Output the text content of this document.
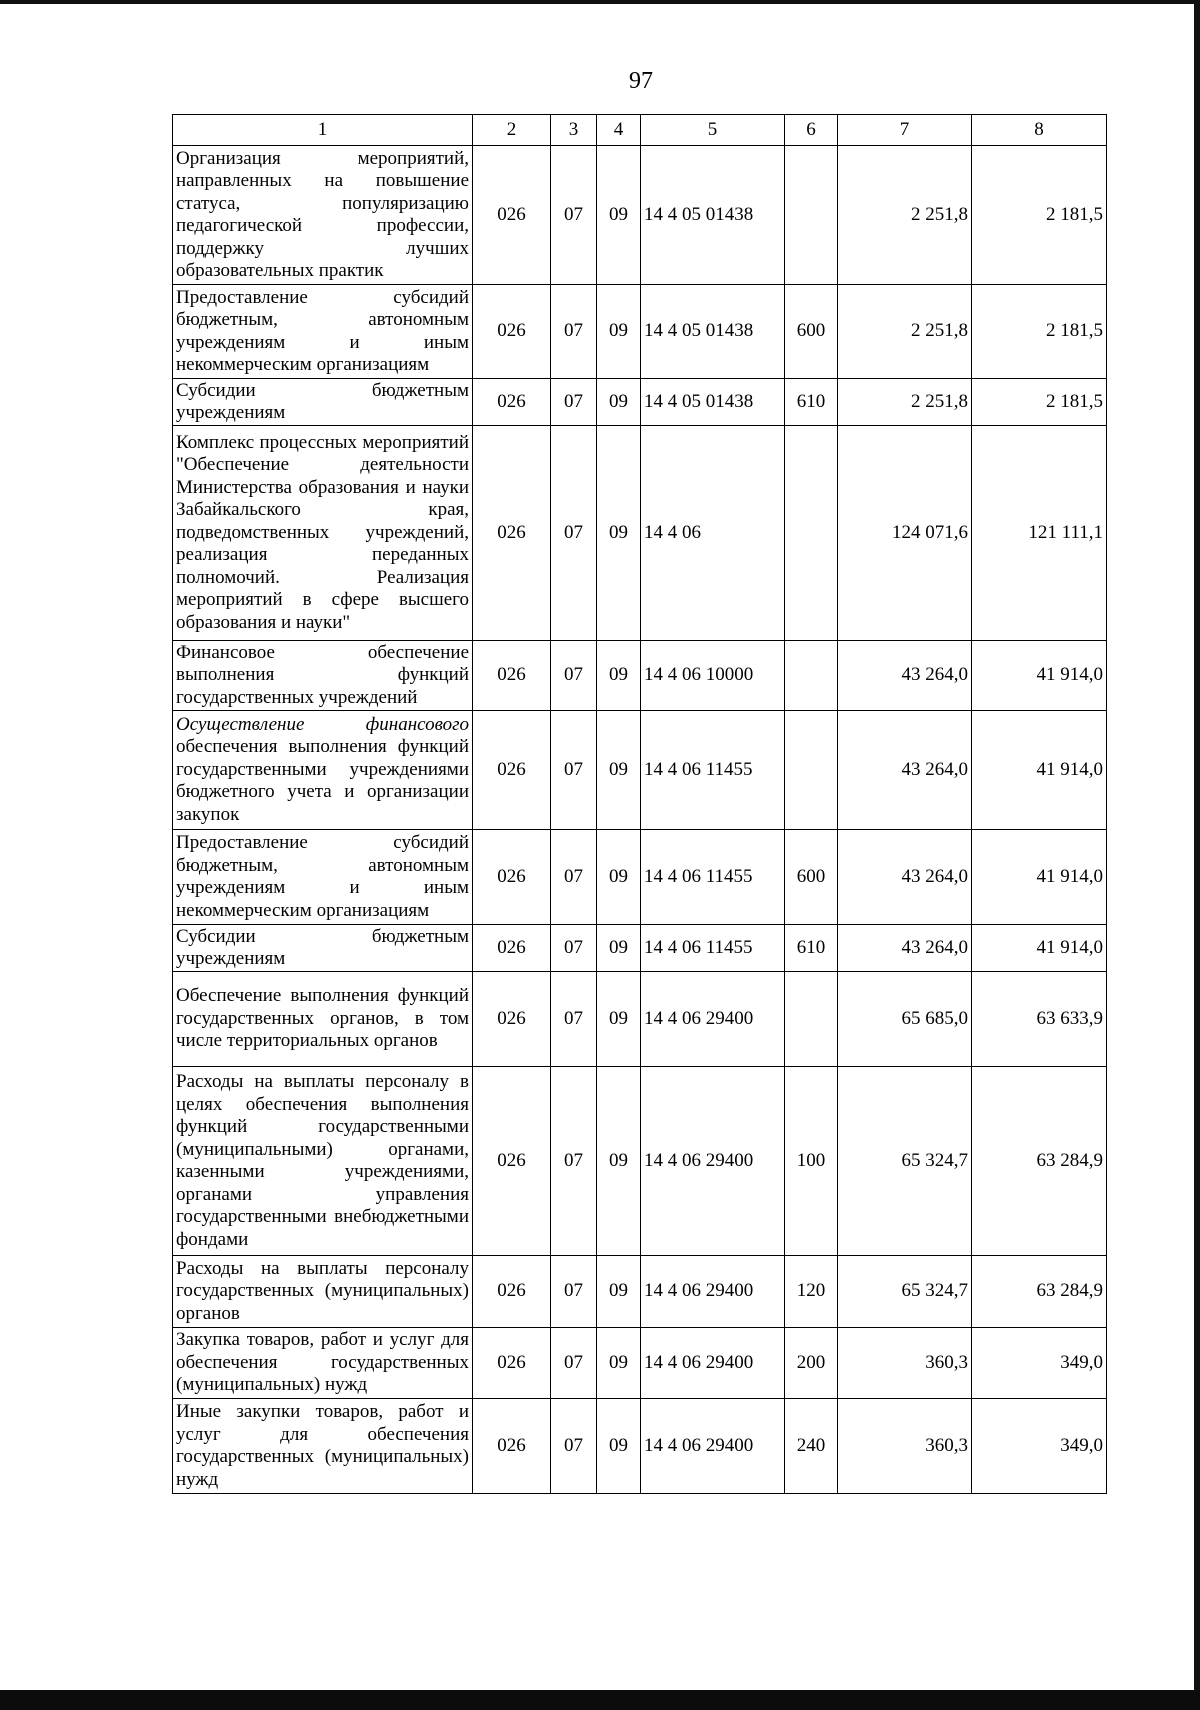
97
1	2	3	4	5	6	7	8
Организация мероприятий, направленных на повышение статуса, популяризацию педагогической профессии, поддержку лучших образовательных практик	026	07	09	14 4 05 01438		2 251,8	2 181,5
Предоставление субсидий бюджетным, автономным учреждениям и иным некоммерческим организациям	026	07	09	14 4 05 01438	600	2 251,8	2 181,5
Субсидии бюджетным учреждениям	026	07	09	14 4 05 01438	610	2 251,8	2 181,5
Комплекс процессных мероприятий "Обеспечение деятельности Министерства образования и науки Забайкальского края, подведомственных учреждений, реализация переданных полномочий. Реализация мероприятий в сфере высшего образования и науки"	026	07	09	14 4 06		124 071,6	121 111,1
Финансовое обеспечение выполнения функций государственных учреждений	026	07	09	14 4 06 10000		43 264,0	41 914,0
Осуществление финансового обеспечения выполнения функций государственными учреждениями бюджетного учета и организации закупок	026	07	09	14 4 06 11455		43 264,0	41 914,0
Предоставление субсидий бюджетным, автономным учреждениям и иным некоммерческим организациям	026	07	09	14 4 06 11455	600	43 264,0	41 914,0
Субсидии бюджетным учреждениям	026	07	09	14 4 06 11455	610	43 264,0	41 914,0
Обеспечение выполнения функций государственных органов, в том числе территориальных органов	026	07	09	14 4 06 29400		65 685,0	63 633,9
Расходы на выплаты персоналу в целях обеспечения выполнения функций государственными (муниципальными) органами, казенными учреждениями, органами управления государственными внебюджетными фондами	026	07	09	14 4 06 29400	100	65 324,7	63 284,9
Расходы на выплаты персоналу государственных (муниципальных) органов	026	07	09	14 4 06 29400	120	65 324,7	63 284,9
Закупка товаров, работ и услуг для обеспечения государственных (муниципальных) нужд	026	07	09	14 4 06 29400	200	360,3	349,0
Иные закупки товаров, работ и услуг для обеспечения государственных (муниципальных) нужд	026	07	09	14 4 06 29400	240	360,3	349,0
